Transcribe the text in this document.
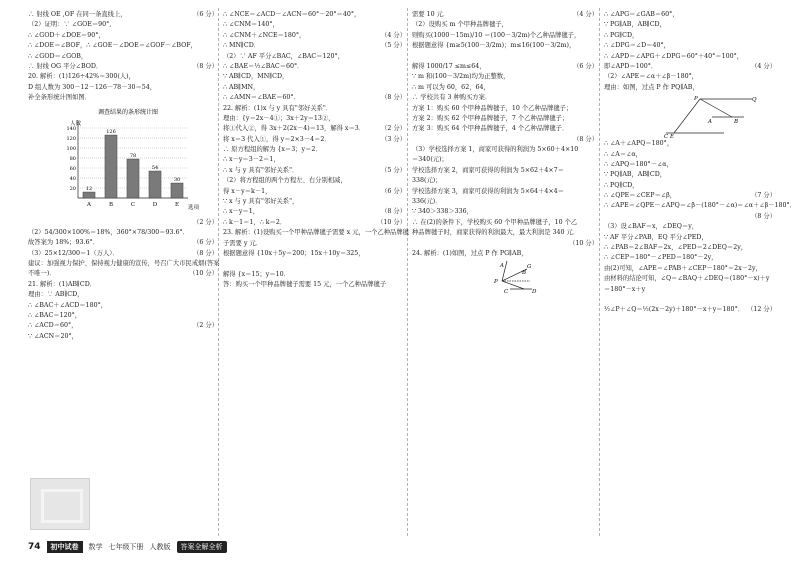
∴ 射线 OE ,OF 在同一条直线上，	（6 分）
（2）证明：∵ ∠GOE＝90°,
∴ ∠GOD＋∠DOE＝90°，
∴ ∠DOE＝∠BOF，∴ ∠GOE－∠DOE＝∠GOF－∠BOF，
∴ ∠GOD＝∠GOB，
∴ 射线 OG 平分∠BOD．	（8 分）
20. 解析：(1)126÷42%＝300(人)，
D 组人数为 300－12－126－78－30＝54，
补全条形统计图如图．
调查结果的条形统计图
人数
选项
20
40
60
80
100
120
140
12
A
126
B
78
C
54
D
30
E
（2 分）
（2）54/300×100%＝18%，360°×78/300＝93.6°．
故答案为 18%；93.6°．	（6 分）
（3）25×12/300＝1（万人）．	（8 分）
建议：加强视力保护、保持视力健康的宣传，号召广大市民戒烟(答案
不唯一)．	（10 分）
21. 解析：(1)AB∥CD．
理由：∵ AB∥CD，
∴ ∠BAC＋∠ACD＝180°，
∴ ∠BAC＝120°，
∴ ∠ACD＝60°，	（2 分）
∵ ∠ACN＝20°，
∴ ∠NCE＝∠ACD－∠ACN＝60°－20°＝40°，
∴ ∠CNM＝140°，
∴ ∠CNM＋∠NCE＝180°，	（4 分）
∴ MN∥CD．	（5 分）
（2）∵ AF 平分∠BAC，∠BAC＝120°，
∴ ∠BAE＝½∠BAC＝60°．
∵ AB∥CD，MN∥CD，
∴ AB∥MN，
∴ ∠AMN＝∠BAE＝60°．	（8 分）
22. 解析：(1)x 与 y 具有"邻好关系"．
理由：{y＝2x－4①；3x＋2y＝13②，
将①代入②，得 3x＋2(2x－4)＝13，解得 x＝3．	（2 分）
将 x＝3 代入①，得 y＝2×3－4＝2．	（3 分）
∴ 原方程组的解为 {x＝3；y＝2．
∴ x－y＝3－2＝1，
∴ x 与 y 具有"邻好关系"．	（5 分）
（2）将方程组的两个方程左、右分别相减，
得 x－y＝k－1，	（6 分）
∵ x 与 y 具有"邻好关系"，
∴ x－y＝1，	（8 分）
∴ k－1＝1，∴ k＝2．	（10 分）
23. 解析：(1)设购买一个甲种品牌毽子需要 x 元，一个乙种品牌毽
子需要 y 元．
根据题意得 {10x＋5y＝200；15x＋10y＝325，
解得 {x＝15；y＝10．
答：购买一个甲种品牌毽子需要 15 元，一个乙种品牌毽子
需要 10 元．	（4 分）
（2）设购买 m 个甲种品牌毽子，
则购买(1000－15m)/10 ＝(100－3/2m)个乙种品牌毽子，
根据题意得 {m≥5(100－3/2m)；m≤16(100－3/2m)，
解得 1000/17 ≤m≤64，	（6 分）
∵ m 和(100－3/2m)均为正整数，
∴ m 可以为 60，62，64，
∴ 学校共有 3 种购买方案．
方案 1：购买 60 个甲种品牌毽子，10 个乙种品牌毽子；
方案 2：购买 62 个甲种品牌毽子，7 个乙种品牌毽子；
方案 3：购买 64 个甲种品牌毽子，4 个乙种品牌毽子．
（8 分）
（3）学校选择方案 1，商家可获得的利润为 5×60＋4×10
＝340(元)；
学校选择方案 2，商家可获得的利润为 5×62＋4×7＝
338(元)；
学校选择方案 3，商家可获得的利润为 5×64＋4×4＝
336(元)．
∵ 340＞338＞336，
∴ 在(2)的条件下，学校购买 60 个甲种品牌毽子，10 个乙
种品牌毽子时，商家获得的利润最大，最大利润是 340 元．
（10 分）
24. 解析：(1)如图，过点 P 作 PG∥AB，
A	G
B
P
C	D
∴ ∠APG＝∠GAB＝60°，
∵ PG∥AB，AB∥CD，
∴ PG∥CD，
∴ ∠DPG＝∠D＝40°，
∴ ∠APD＝∠APG＋∠DPG＝60°＋40°＝100°，
即∠APD＝100°．	（4 分）
（2）∠APE＝∠α＋∠β－180°，
理由：如图，过点 P 作 PQ∥AB，
P	Q
A	B
C E
∴ ∠A＋∠APQ＝180°，
∴ ∠A＝∠α，
∴ ∠APQ＝180°－∠α，
∵ PQ∥AB，AB∥CD，
∴ PQ∥CD，
∴ ∠QPE＝∠CEP＝∠β，	（7 分）
∴ ∠APE＝∠QPE－∠APQ＝∠β－(180°－∠α)＝∠α＋∠β－180°．
（8 分）
（3）设∠BAF＝x，∠DEQ＝y，
∵ AF 平分∠PAB，EQ 平分∠PED，
∴ ∠PAB＝2∠BAF＝2x，∠PED＝2∠DEQ＝2y，
∴ ∠CEP＝180°－∠PED＝180°－2y，
由(2)可知，∠APE＝∠PAB＋∠CEP－180°＝2x－2y，
由材料的结论可知，∠Q＝∠BAQ＋∠DEQ＝(180°－x)＋y
＝180°－x＋y
½∠P＋∠Q＝½(2x－2y)＋180°－x＋y＝180°． （12 分）
74	初中试卷	数学 七年级下册 人教版	答案全解全析
